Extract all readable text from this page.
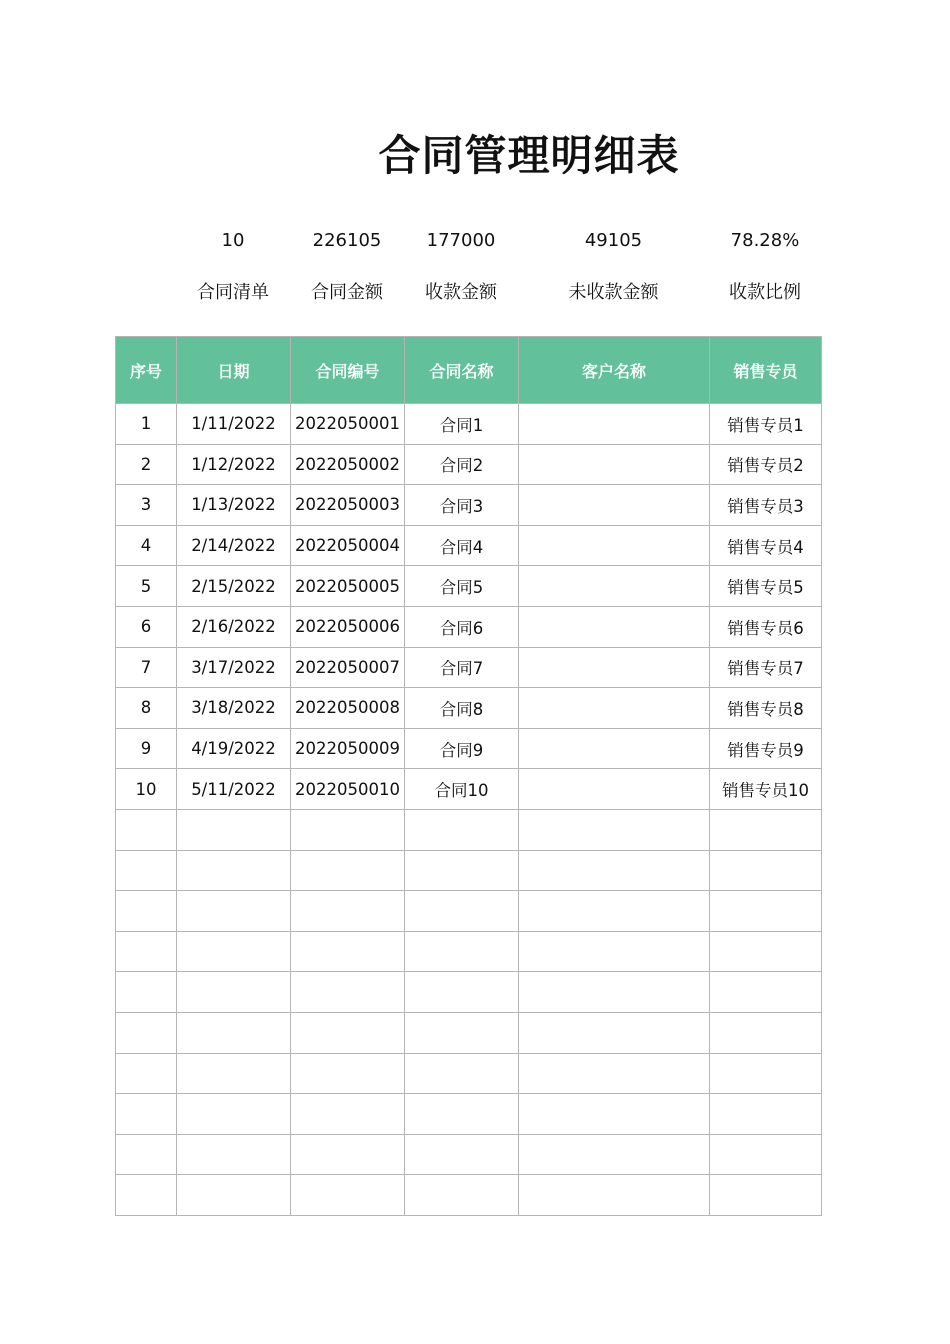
合同管理明细表
10	226105	177000	49105	78.28%
合同清单	合同金额	收款金额	未收款金额	收款比例
序号	日期	合同编号	合同名称	客户名称	销售专员
1	1/11/2022	2022050001	合同1		销售专员1
2	1/12/2022	2022050002	合同2		销售专员2
3	1/13/2022	2022050003	合同3		销售专员3
4	2/14/2022	2022050004	合同4		销售专员4
5	2/15/2022	2022050005	合同5		销售专员5
6	2/16/2022	2022050006	合同6		销售专员6
7	3/17/2022	2022050007	合同7		销售专员7
8	3/18/2022	2022050008	合同8		销售专员8
9	4/19/2022	2022050009	合同9		销售专员9
10	5/11/2022	2022050010	合同10		销售专员10
